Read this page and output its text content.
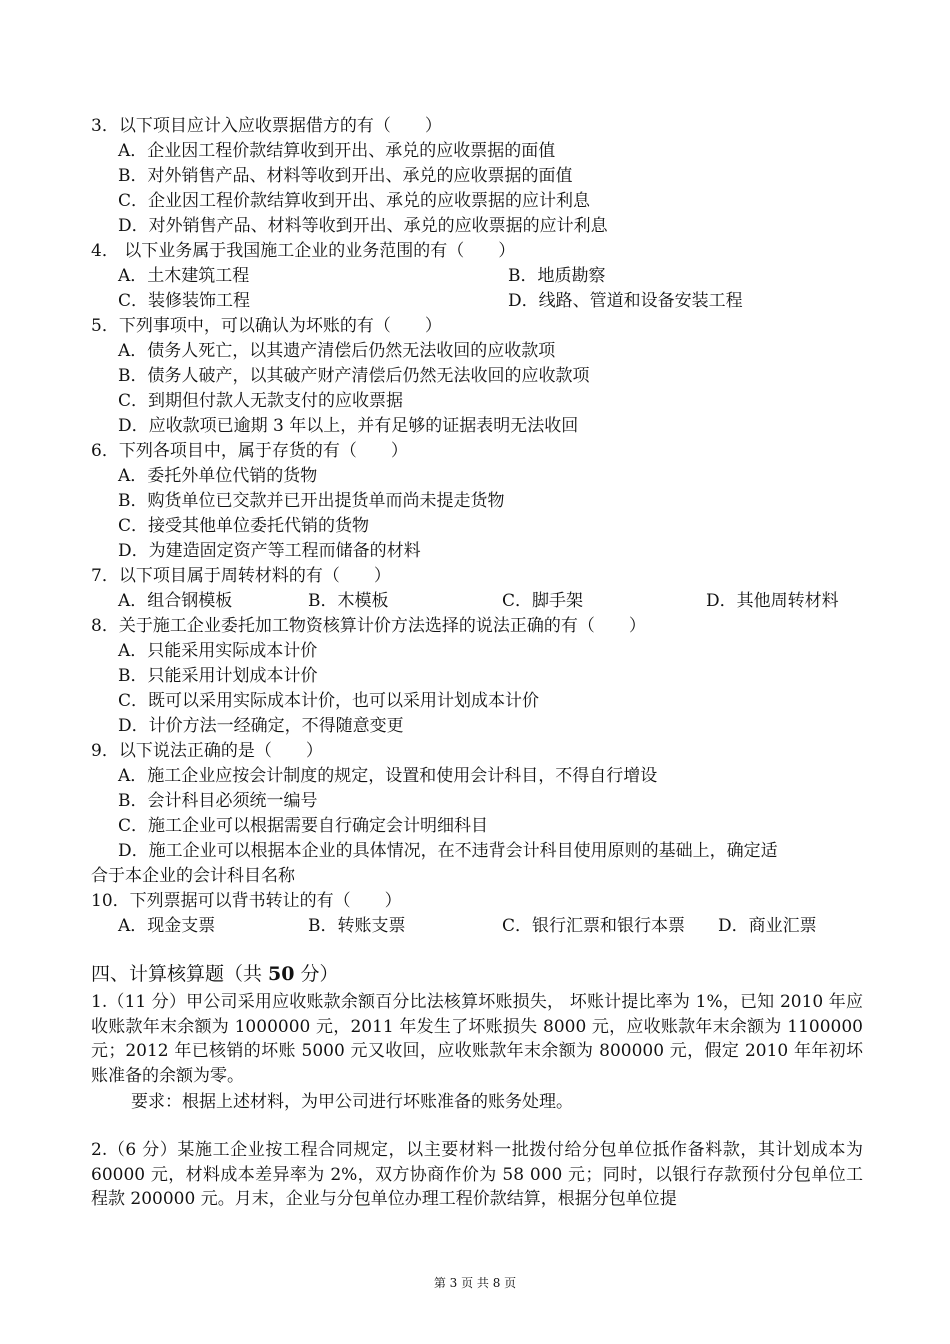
3．以下项目应计入应收票据借方的有（　　）
A．企业因工程价款结算收到开出、承兑的应收票据的面值
B．对外销售产品、材料等收到开出、承兑的应收票据的面值
C．企业因工程价款结算收到开出、承兑的应收票据的应计利息
D．对外销售产品、材料等收到开出、承兑的应收票据的应计利息
4． 以下业务属于我国施工企业的业务范围的有（　　）
A．土木建筑工程	B．地质勘察
C．装修装饰工程	D．线路、管道和设备安装工程
5．下列事项中，可以确认为坏账的有（　　）
A．债务人死亡，以其遗产清偿后仍然无法收回的应收款项
B．债务人破产，以其破产财产清偿后仍然无法收回的应收款项
C．到期但付款人无款支付的应收票据
D．应收款项已逾期 3 年以上，并有足够的证据表明无法收回
6．下列各项目中，属于存货的有（　　）
A．委托外单位代销的货物
B．购货单位已交款并已开出提货单而尚未提走货物
C．接受其他单位委托代销的货物
D．为建造固定资产等工程而储备的材料
7．以下项目属于周转材料的有（　　）
A．组合钢模板	B．木模板	C．脚手架	D．其他周转材料
8．关于施工企业委托加工物资核算计价方法选择的说法正确的有（　　）
A．只能采用实际成本计价
B．只能采用计划成本计价
C．既可以采用实际成本计价，也可以采用计划成本计价
D．计价方法一经确定，不得随意变更
9．以下说法正确的是（　　）
A．施工企业应按会计制度的规定，设置和使用会计科目，不得自行增设
B．会计科目必须统一编号
C．施工企业可以根据需要自行确定会计明细科目
D．施工企业可以根据本企业的具体情况，在不违背会计科目使用原则的基础上，确定适
合于本企业的会计科目名称
10．下列票据可以背书转让的有（　　）
A．现金支票	B．转账支票	C．银行汇票和银行本票 D．商业汇票
四、计算核算题（共 50 分）
1.（11 分）甲公司采用应收账款余额百分比法核算坏账损失， 坏账计提比率为 1%，已知 2010 年应收账款年末余额为 1000000 元，2011 年发生了坏账损失 8000 元，应收账款年末余额为 1100000 元；2012 年已核销的坏账 5000 元又收回，应收账款年末余额为 800000 元，假定 2010 年年初坏账准备的余额为零。
要求：根据上述材料，为甲公司进行坏账准备的账务处理。
2.（6 分）某施工企业按工程合同规定，以主要材料一批拨付给分包单位抵作备料款，其计划成本为 60000 元，材料成本差异率为 2%，双方协商作价为 58 000 元；同时，以银行存款预付分包单位工程款 200000 元。月末，企业与分包单位办理工程价款结算，根据分包单位提
第 3 页 共 8 页
